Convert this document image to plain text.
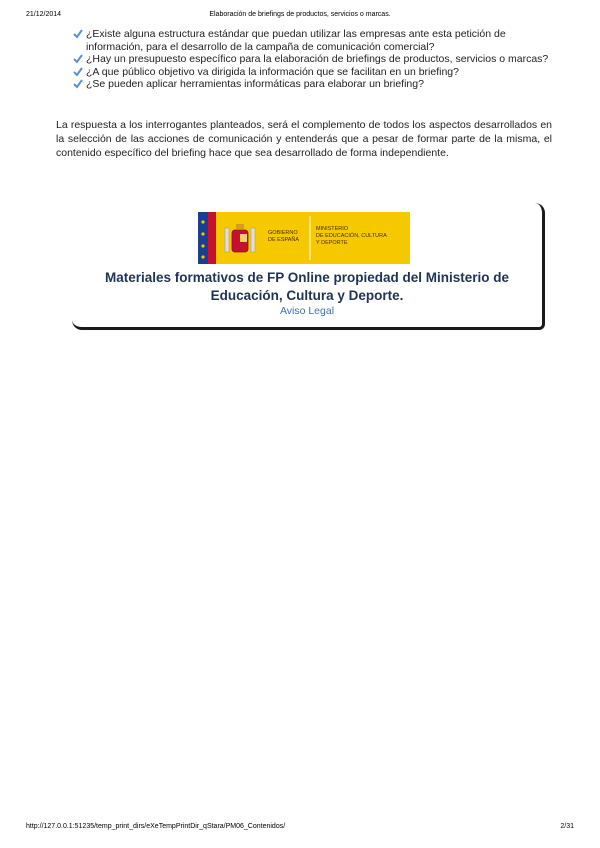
21/12/2014	Elaboración de briefings de productos, servicios o marcas.
¿Existe alguna estructura estándar que puedan utilizar las empresas ante esta petición de información, para el desarrollo de la campaña de comunicación comercial?
¿Hay un presupuesto específico para la elaboración de briefings de productos, servicios o marcas?
¿A que público objetivo va dirigida la información que se facilitan en un briefing?
¿Se pueden aplicar herramientas informáticas para elaborar un briefing?

La respuesta a los interrogantes planteados, será el complemento de todos los aspectos desarrollados en la selección de las acciones de comunicación y entenderás que a pesar de formar parte de la misma, el contenido específico del briefing hace que sea desarrollado de forma independiente.

GOBIERNO
DE ESPAÑA
MINISTERIO
DE EDUCACIÓN, CULTURA
Y DEPORTE

Materiales formativos de FP Online propiedad del Ministerio de Educación, Cultura y Deporte.

Aviso Legal
http://127.0.0.1:51235/temp_print_dirs/eXeTempPrintDir_qStara/PM06_Contenidos/	2/31
